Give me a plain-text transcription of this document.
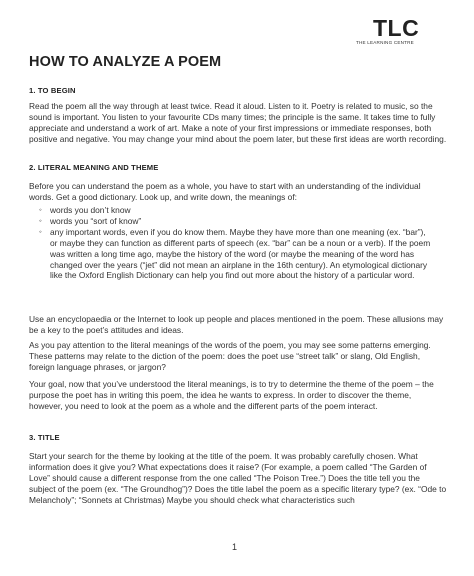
TLC
THE LEARNING CENTRE
HOW TO ANALYZE A POEM
1. TO BEGIN

Read the poem all the way through at least twice. Read it aloud. Listen to it. Poetry is related to music, so the sound is important. You listen to your favourite CDs many times; the principle is the same. It takes time to fully appreciate and understand a work of art. Make a note of your first impressions or immediate responses, both positive and negative. You may change your mind about the poem later, but these first ideas are worth recording.

2. LITERAL MEANING AND THEME

Before you can understand the poem as a whole, you have to start with an understanding of the individual words. Get a good dictionary. Look up, and write down, the meanings of:

◦ words you don’t know
◦ words you “sort of know”
◦ any important words, even if you do know them. Maybe they have more than one meaning (ex. “bar”), or maybe they can function as different parts of speech (ex. “bar” can be a noun or a verb). If the poem was written a long time ago, maybe the history of the word (or maybe the meaning of the word has changed over the years (“jet” did not mean an airplane in the 16th century). An etymological dictionary like the Oxford English Dictionary can help you find out more about the history of a particular word.

Use an encyclopaedia or the Internet to look up people and places mentioned in the poem. These allusions may be a key to the poet’s attitudes and ideas.

As you pay attention to the literal meanings of the words of the poem, you may see some patterns emerging. These patterns may relate to the diction of the poem: does the poet use “street talk” or slang, Old English, foreign language phrases, or jargon?

Your goal, now that you’ve understood the literal meanings, is to try to determine the theme of the poem – the purpose the poet has in writing this poem, the idea he wants to express. In order to discover the theme, however, you need to look at the poem as a whole and the different parts of the poem interact.

3. TITLE

Start your search for the theme by looking at the title of the poem. It was probably carefully chosen. What information does it give you? What expectations does it raise? (For example, a poem called “The Garden of Love” should cause a different response from the one called “The Poison Tree.”) Does the title tell you the subject of the poem (ex. “The Groundhog”)? Does the title label the poem as a specific literary type? (ex. “Ode to Melancholy”; “Sonnets at Christmas) Maybe you should check what characteristics such

1
